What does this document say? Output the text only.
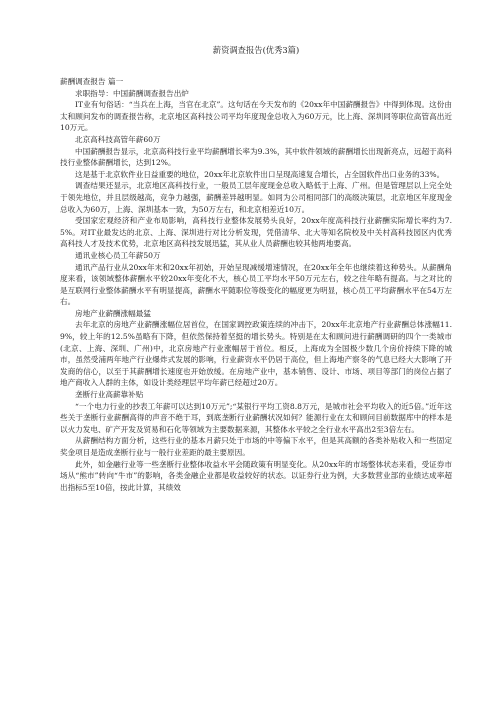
薪资调查报告(优秀3篇)
薪酬调查报告 篇一

求职指导：中国薪酬调查报告出炉

IT业有句俗话：“当兵在上海，当官在北京”。这句话在今天发布的《20xx年中国薪酬报告》中得到体现。这份由太和顾问发布的调查报告称，北京地区高科技公司平均年度现金总收入为60万元，比上海、深圳同等职位高管高出近10万元。

北京高科技高管年薪60万

中国薪酬报告显示，北京高科技行业平均薪酬增长率为9.3%，其中软件领域的薪酬增长出现新亮点，远超于高科技行业整体薪酬增长，达到12%。

这是基于北京软件业日益重要的地位，20xx年北京软件出口呈现高速复合增长，占全国软件出口业务的33%。

调查结果还显示，北京地区高科技行业，一般员工层年度现金总收入略低于上海、广州。但是管理层以上完全处于领先地位，并且层级越高，竞争力越强，薪酬差异越明显。如同为公司相同部门的高级决策层，北京地区年度现金总收入为60万，上海、深圳基本一致，为50万左右，和北京相差近10万。

受国家宏观经济和产业布局影响，高科技行业整体发展势头良好，20xx年度高科技行业薪酬实际增长率约为7.5%。对IT业最发达的北京、上海、深圳进行对比分析发现，凭借清华、北大等知名院校及中关村高科技园区内优秀高科技人才及技术优势，北京地区高科技发展迅猛，其从业人员薪酬也较其他两地要高。

通讯业核心员工年薪50万

通讯产品行业从20xx年末和20xx年初始，开始呈现减缓增速情况，在20xx年全年也继续着这种势头。从薪酬角度来看，该领域整体薪酬水平较20xx年变化不大，核心员工平均水平50万元左右，较之往年略有提高。与之对比的是互联网行业整体薪酬水平有明显提高，薪酬水平随职位等级变化的幅度更为明显，核心员工平均薪酬水平在54万左右。

房地产业薪酬涨幅最猛

去年北京的房地产业薪酬涨幅位居首位，在国家调控政策连续的冲击下，20xx年北京地产行业薪酬总体涨幅11.9%，较上年的12.5%虽略有下降，但依然保持着坚挺的增长势头。特别是在太和顾问进行薪酬调研的四个一类城市(北京、上海、深圳、广州)中，北京房地产行业涨幅居于首位。相反，上海成为全国极少数几个房价持续下降的城市，虽然受浦两年地产行业爆炸式发展的影响，行业薪资水平仍居于高位，但上海地产察冬的气息已经大大影响了开发商的信心，以至于其薪酬增长速度也开始放缓。在房地产业中，基本销售、设计、市场、项目等部门的岗位占据了地产商收入人群的主体，如设计类经理层平均年薪已经超过20万。

垄断行业高薪靠补贴

“一个电力行业的抄表工年薪可以达到10万元”;“某银行平均工资8.8万元，是城市社会平均收入的近5倍。”近年这些关于垄断行业薪酬高得的声音不绝于耳，到底垄断行业薪酬状况如何？能源行业在太和顾问目前数据库中的样本是以火力发电、矿产开发及贸易和石化等领域为主要数据来源，其整体水平较之全行业水平高出2至3倍左右。

从薪酬结构方面分析，这些行业的基本月薪只处于市场的中等偏下水平，但是其高额的各类补贴收入和一些固定奖金项目是造成垄断行业与一般行业差距的最主要原因。

此外，如金融行业等一些垄断行业整体收益水平会随政策有明显变化。从20xx年的市场整体状态来看，受证券市场从“熊市”转向“牛市”的影响，各类金融企业都是收益较好的状态。以证券行业为例，大多数营业部的业绩达成率超出指标5至10倍，按此计算，其绩效
